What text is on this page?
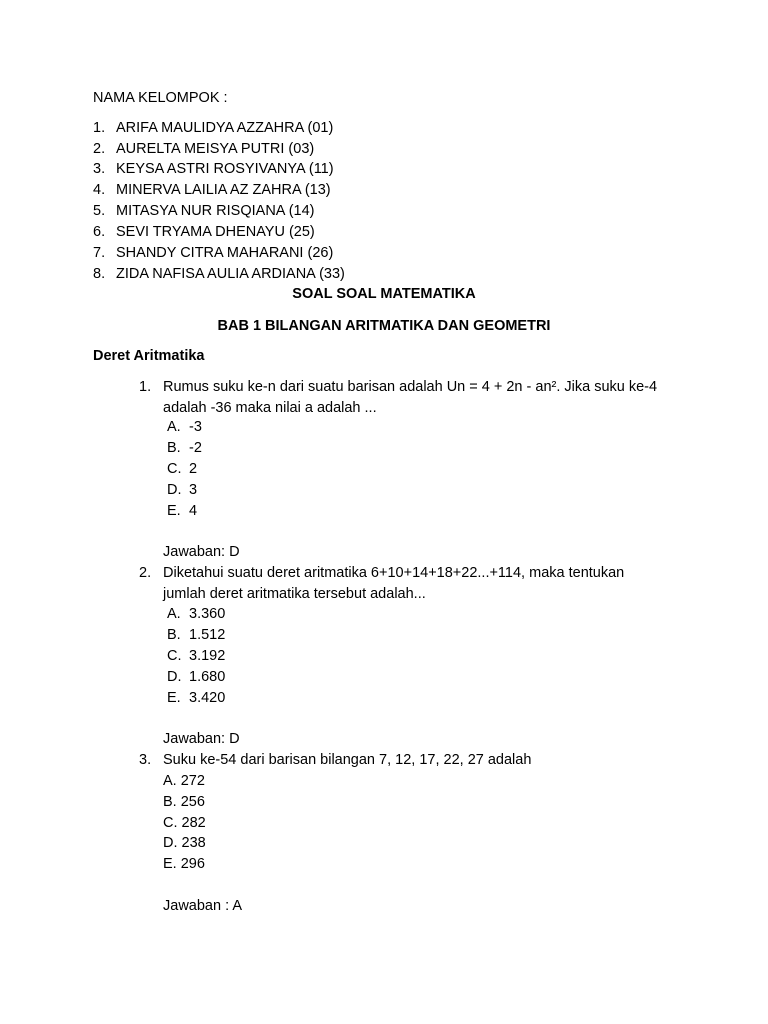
NAMA KELOMPOK :
1. ARIFA MAULIDYA AZZAHRA (01)
2. AURELTA MEISYA PUTRI (03)
3. KEYSA ASTRI ROSYIVANYA (11)
4. MINERVA LAILIA AZ ZAHRA (13)
5. MITASYA NUR RISQIANA (14)
6. SEVI TRYAMA DHENAYU (25)
7. SHANDY CITRA MAHARANI (26)
8. ZIDA NAFISA AULIA ARDIANA (33)
SOAL SOAL MATEMATIKA
BAB 1 BILANGAN ARITMATIKA DAN GEOMETRI
Deret Aritmatika
1. Rumus suku ke-n dari suatu barisan adalah Un = 4 + 2n - an². Jika suku ke-4
adalah -36 maka nilai a adalah ...
A. -3
B. -2
C. 2
D. 3
E. 4
Jawaban: D
2. Diketahui suatu deret aritmatika 6+10+14+18+22...+114, maka tentukan
jumlah deret aritmatika tersebut adalah...
A. 3.360
B. 1.512
C. 3.192
D. 1.680
E. 3.420
Jawaban: D
3. Suku ke-54 dari barisan bilangan 7, 12, 17, 22, 27 adalah
A. 272
B. 256
C. 282
D. 238
E. 296
Jawaban : A
